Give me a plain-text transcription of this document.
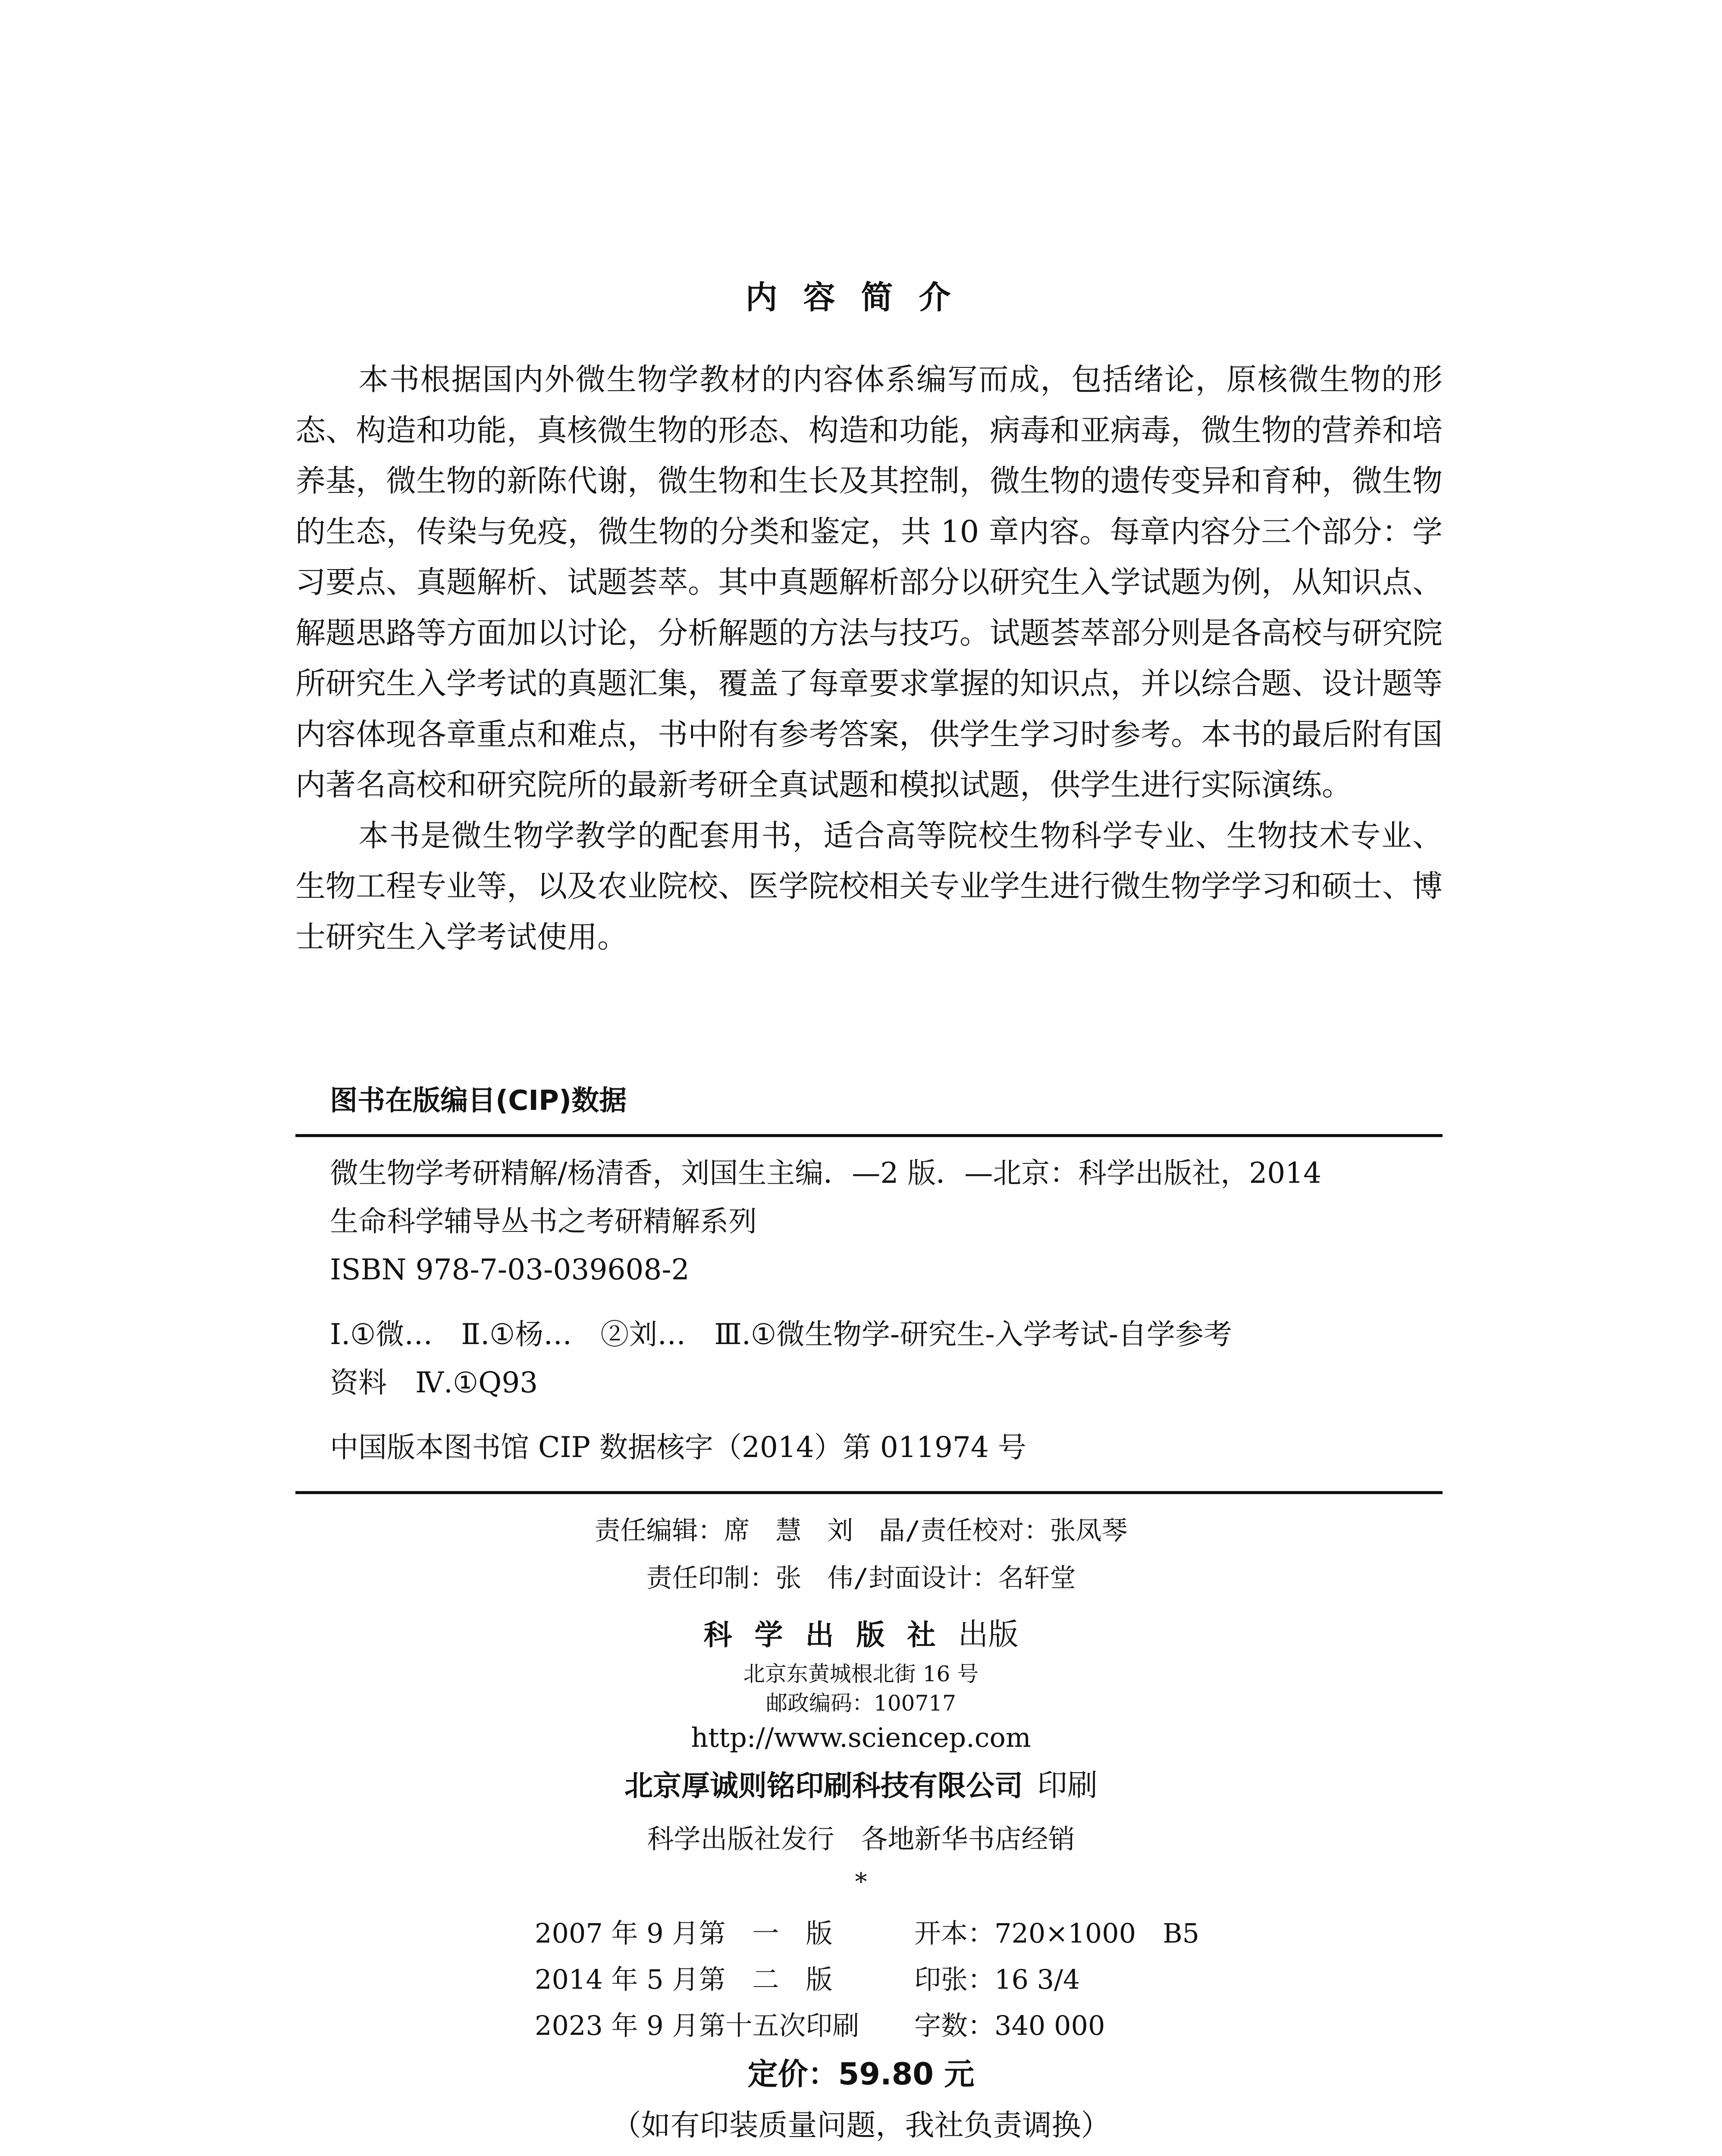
内容简介

本书根据国内外微生物学教材的内容体系编写而成，包括绪论，原核微生物的形态、构造和功能，真核微生物的形态、构造和功能，病毒和亚病毒，微生物的营养和培养基，微生物的新陈代谢，微生物和生长及其控制，微生物的遗传变异和育种，微生物的生态，传染与免疫，微生物的分类和鉴定，共 10 章内容。每章内容分三个部分：学习要点、真题解析、试题荟萃。其中真题解析部分以研究生入学试题为例，从知识点、解题思路等方面加以讨论，分析解题的方法与技巧。试题荟萃部分则是各高校与研究院所研究生入学考试的真题汇集，覆盖了每章要求掌握的知识点，并以综合题、设计题等内容体现各章重点和难点，书中附有参考答案，供学生学习时参考。本书的最后附有国内著名高校和研究院所的最新考研全真试题和模拟试题，供学生进行实际演练。

本书是微生物学教学的配套用书，适合高等院校生物科学专业、生物技术专业、生物工程专业等，以及农业院校、医学院校相关专业学生进行微生物学学习和硕士、博士研究生入学考试使用。

图书在版编目(CIP)数据
微生物学考研精解/杨清香，刘国生主编．—2 版．—北京：科学出版社，2014
生命科学辅导丛书之考研精解系列
ISBN 978-7-03-039608-2
Ⅰ.①微…　Ⅱ.①杨…　②刘…　Ⅲ.①微生物学-研究生-入学考试-自学参考
资料　Ⅳ.①Q93
中国版本图书馆 CIP 数据核字（2014）第 011974 号
责任编辑：席　慧　刘　晶/责任校对：张凤琴
责任印制：张　伟/封面设计：名轩堂
科学出版社出版
北京东黄城根北街 16 号
邮政编码：100717
http://www.sciencep.com
北京厚诚则铭印刷科技有限公司  印刷
科学出版社发行　各地新华书店经销
*
2007 年 9 月第　一　版	开本：720×1000　B5
2014 年 5 月第　二　版	印张：16 3/4
2023 年 9 月第十五次印刷	字数：340 000
定价：59.80 元
（如有印装质量问题，我社负责调换）
